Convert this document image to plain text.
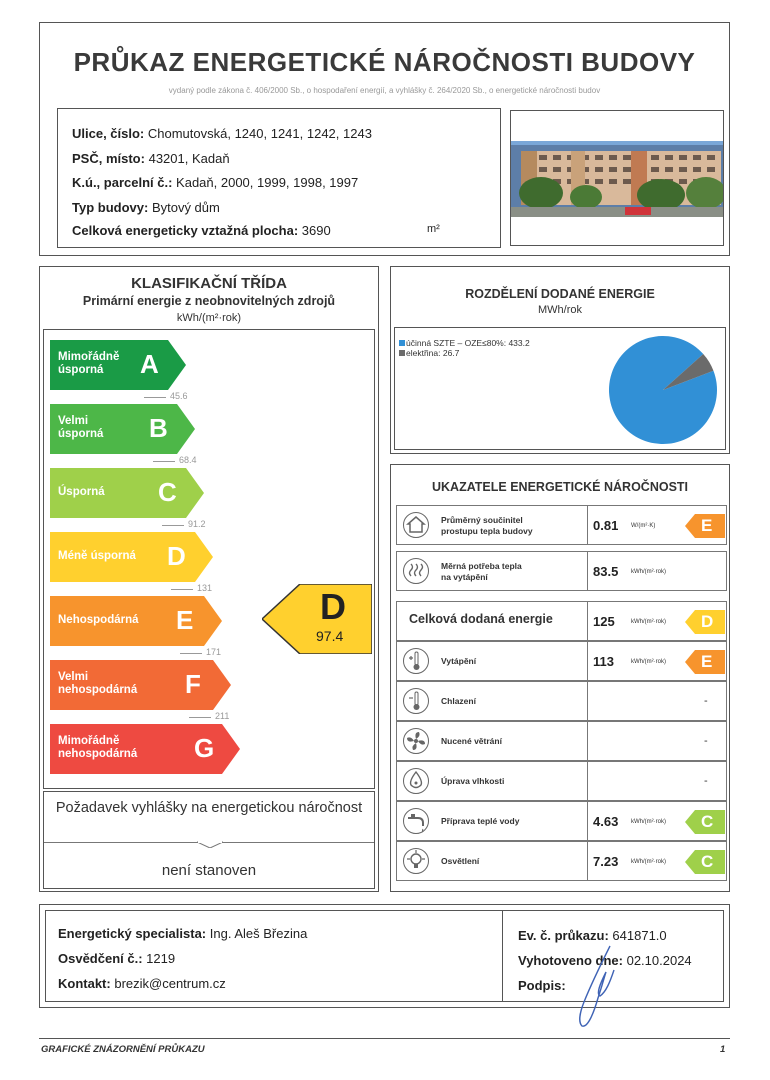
PRŮKAZ ENERGETICKÉ NÁROČNOSTI BUDOVY
vydaný podle zákona č. 406/2000 Sb., o hospodaření energií, a vyhlášky č. 264/2020 Sb., o energetické náročnosti budov
Ulice, číslo: Chomutovská, 1240, 1241, 1242, 1243
PSČ, místo: 43201, Kadaň
K.ú., parcelní č.: Kadaň, 2000, 1999, 1998, 1997
Typ budovy: Bytový dům
Celková energeticky vztažná plocha: 3690	m²
KLASIFIKAČNÍ TŘÍDA
Primární energie z neobnovitelných zdrojů
kWh/(m²·rok)
Mimořádně
úsporná	A
45.6
Velmi
úsporná B
68.4
Úsporná C
91.2
Méně úsporná D
131
Nehospodárná E
171
Velmi
nehospodárná F
211
Mimořádně
nehospodárná G
D
97.4
Požadavek vyhlášky na energetickou náročnost
není stanoven
ROZDĚLENÍ DODANÉ ENERGIE
MWh/rok
účinná SZTE – OZE≤80%: 433.2
elektřina: 26.7
UKAZATELE ENERGETICKÉ NÁROČNOSTI
Průměrný součinitel
prostupu tepla budovy	0.81 W/(m²·K)	E
Měrná potřeba tepla
na vytápění	83.5 kWh/(m²·rok)
Celková dodaná energie	125	kWh/(m²·rok) D
Vytápění	113	kWh/(m²·rok) E
Chlazení	-
Nucené větrání	-
Úprava vlhkosti	-
Příprava teplé vody	4.63 kWh/(m²·rok) C
Osvětlení	7.23 kWh/(m²·rok) C
Energetický specialista: Ing. Aleš Březina
Osvědčení č.: 1219
Kontakt: brezik@centrum.cz
Ev. č. průkazu: 641871.0
Vyhotoveno dne: 02.10.2024
Podpis:
GRAFICKÉ ZNÁZORNĚNÍ PRŮKAZU	1
